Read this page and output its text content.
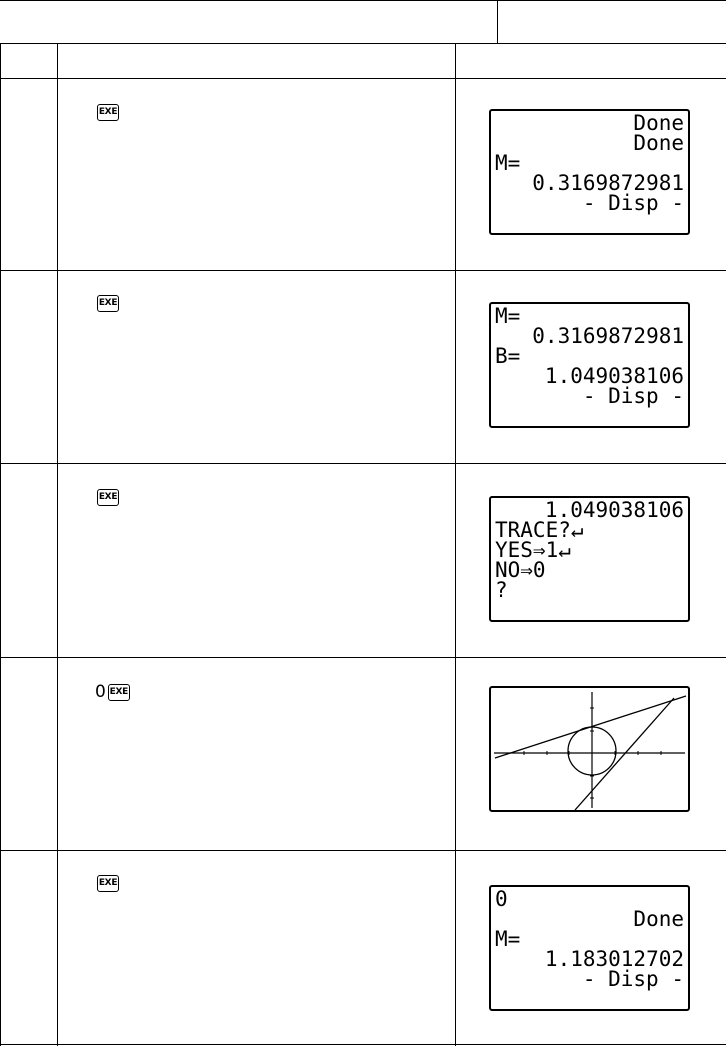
EXE	Done
Done
M=
0.3169872981
- Disp -
EXE
M=
0.3169872981
B=
1.049038106
- Disp -
EXE
1.049038106
TRACE?↵
YES⇒1↵
NO⇒0
?
0 EXE
EXE
0
Done
M=
1.183012702
- Disp -
